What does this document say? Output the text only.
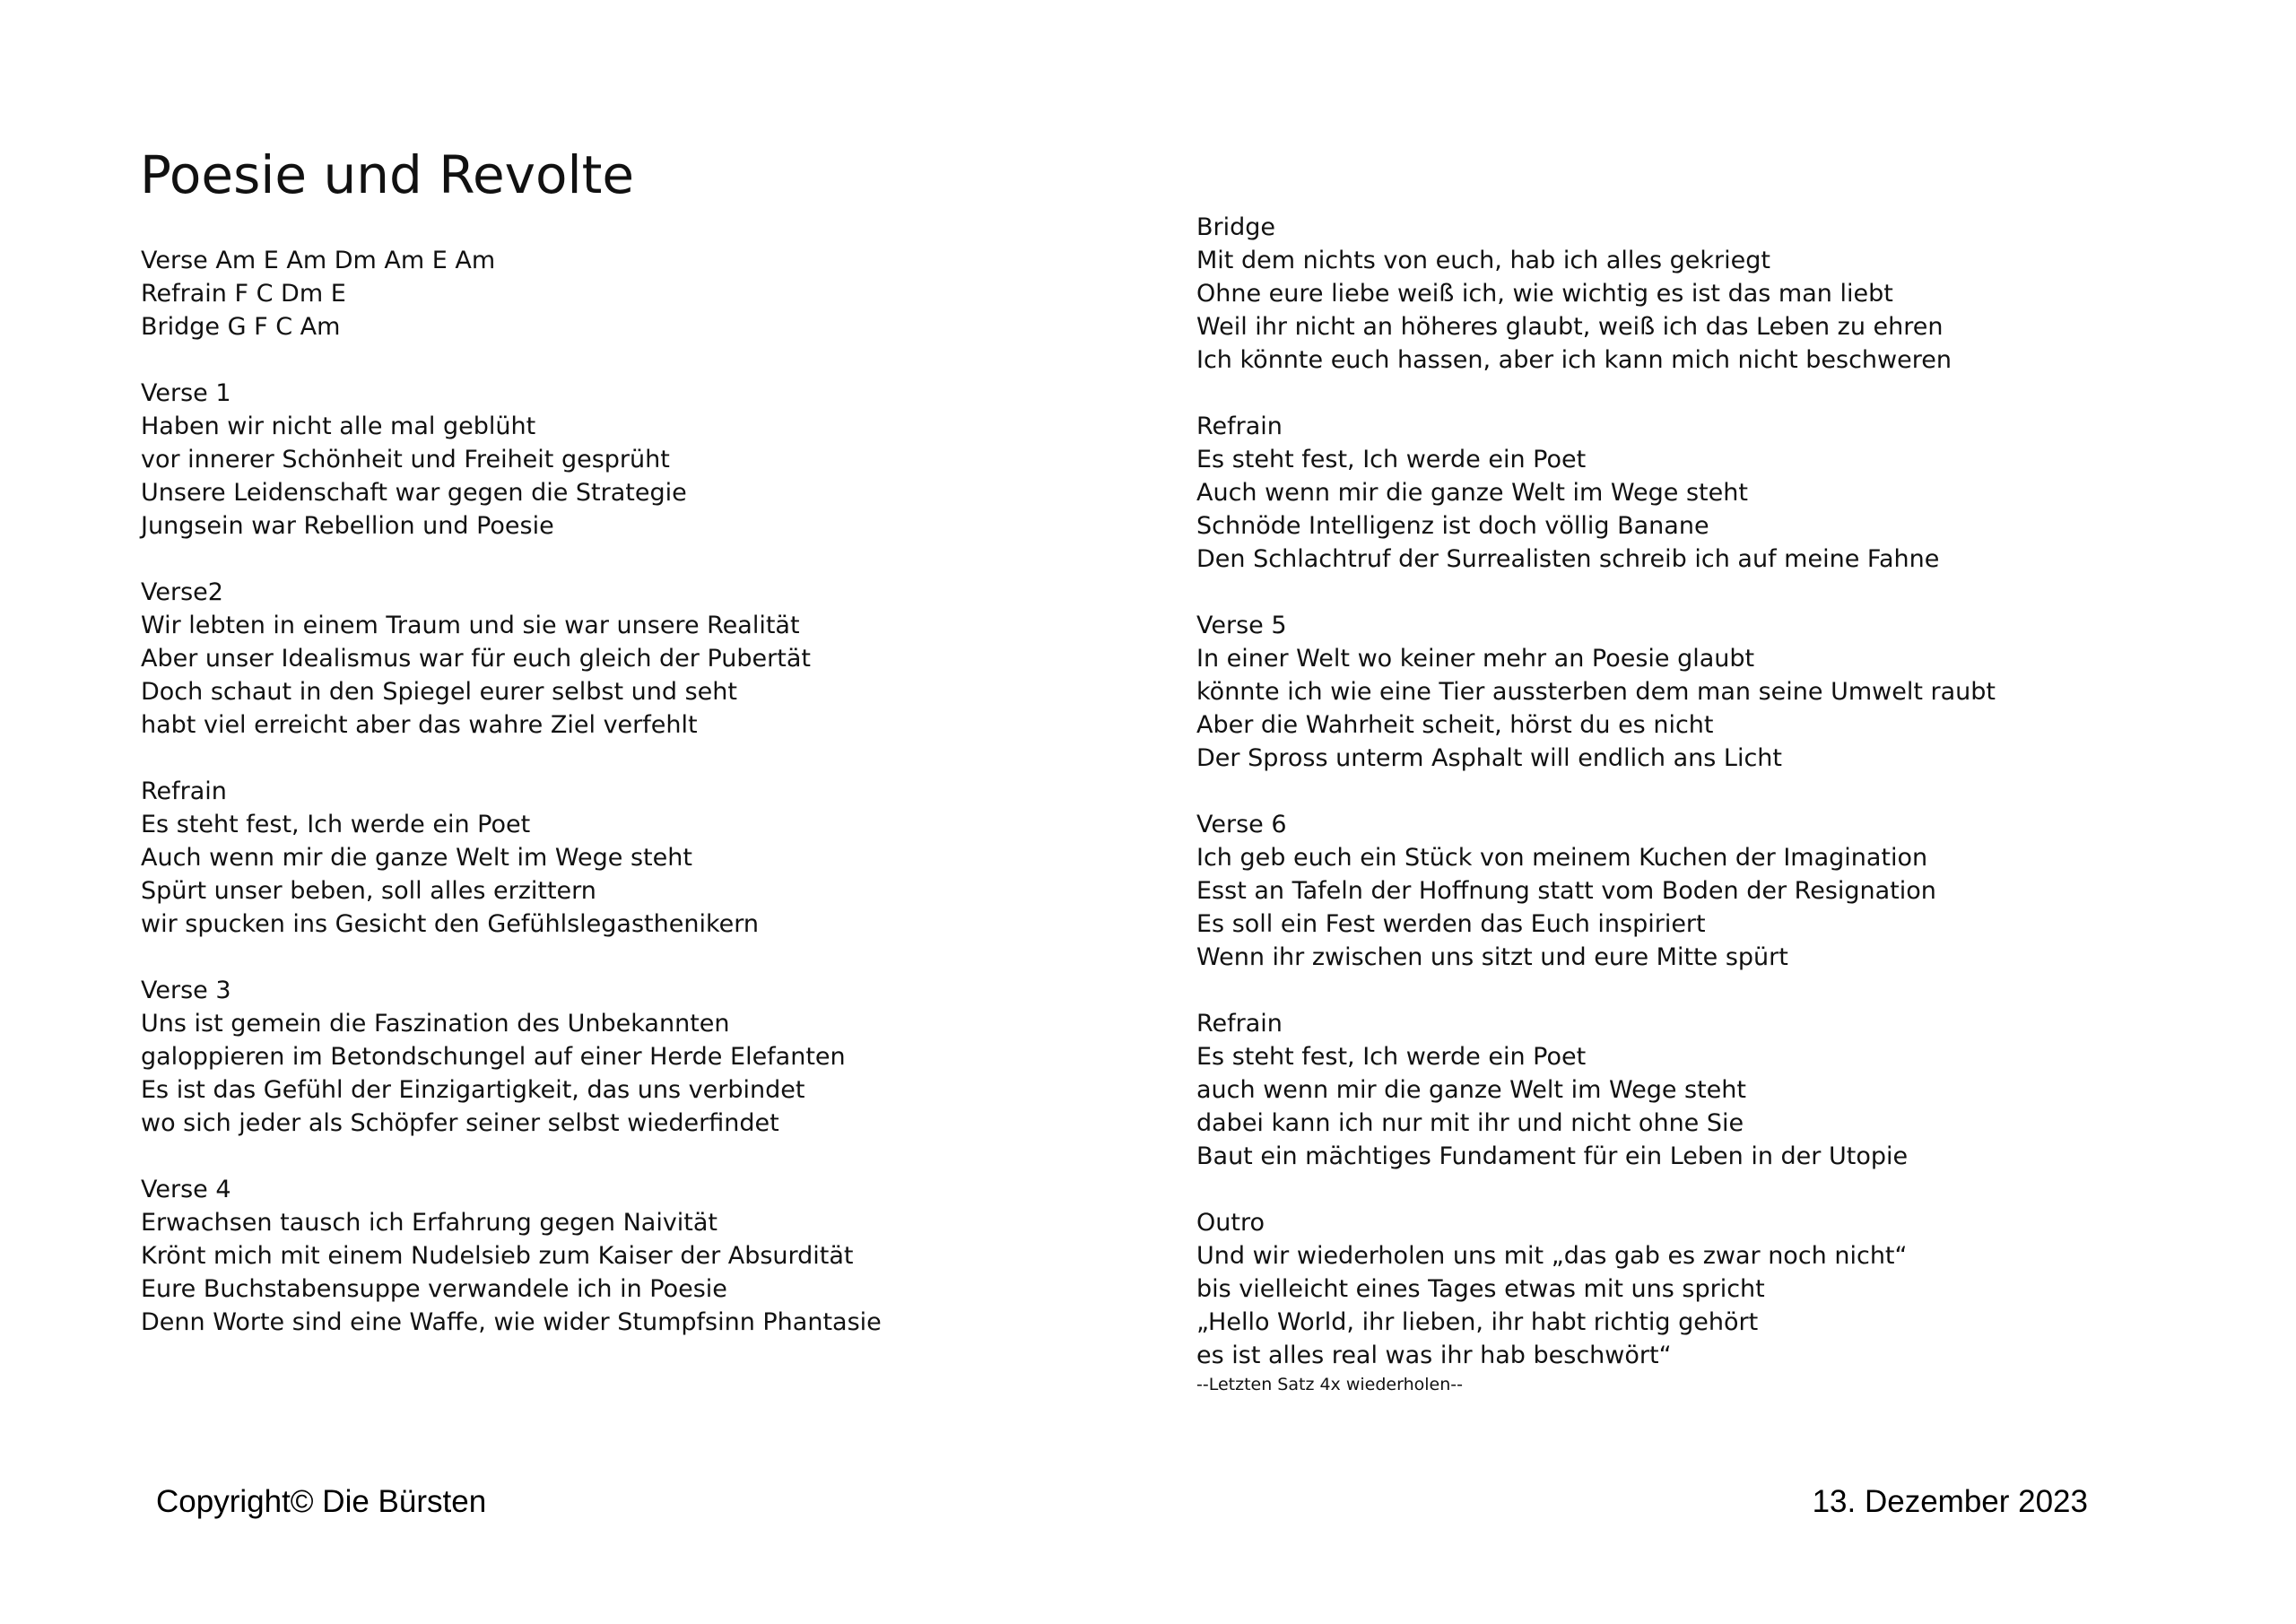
Poesie und Revolte
Verse Am E Am Dm Am E Am
Refrain F C Dm E
Bridge G F C Am
Verse 1
Haben wir nicht alle mal geblüht
vor innerer Schönheit und Freiheit gesprüht
Unsere Leidenschaft war gegen die Strategie
Jungsein war Rebellion und Poesie
Verse2
Wir lebten in einem Traum und sie war unsere Realität
Aber unser Idealismus war für euch gleich der Pubertät
Doch schaut in den Spiegel eurer selbst und seht
habt viel erreicht aber das wahre Ziel verfehlt
Refrain
Es steht fest, Ich werde ein Poet
Auch wenn mir die ganze Welt im Wege steht
Spürt unser beben, soll alles erzittern
wir spucken ins Gesicht den Gefühlslegasthenikern
Verse 3
Uns ist gemein die Faszination des Unbekannten
galoppieren im Betondschungel auf einer Herde Elefanten
Es ist das Gefühl der Einzigartigkeit, das uns verbindet
wo sich jeder als Schöpfer seiner selbst wiederfindet
Verse 4
Erwachsen tausch ich Erfahrung gegen Naivität
Krönt mich mit einem Nudelsieb zum Kaiser der Absurdität
Eure Buchstabensuppe verwandele ich in Poesie
Denn Worte sind eine Waffe, wie wider Stumpfsinn Phantasie
Bridge
Mit dem nichts von euch, hab ich alles gekriegt
Ohne eure liebe weiß ich, wie wichtig es ist das man liebt
Weil ihr nicht an höheres glaubt, weiß ich das Leben zu ehren
Ich könnte euch hassen, aber ich kann mich nicht beschweren
Refrain
Es steht fest, Ich werde ein Poet
Auch wenn mir die ganze Welt im Wege steht
Schnöde Intelligenz ist doch völlig Banane
Den Schlachtruf der Surrealisten schreib ich auf meine Fahne
Verse 5
In einer Welt wo keiner mehr an Poesie glaubt
könnte ich wie eine Tier aussterben dem man seine Umwelt raubt
Aber die Wahrheit scheit, hörst du es nicht
Der Spross unterm Asphalt will endlich ans Licht
Verse 6
Ich geb euch ein Stück von meinem Kuchen der Imagination
Esst an Tafeln der Hoffnung statt vom Boden der Resignation
Es soll ein Fest werden das Euch inspiriert
Wenn ihr zwischen uns sitzt und eure Mitte spürt
Refrain
Es steht fest, Ich werde ein Poet
auch wenn mir die ganze Welt im Wege steht
dabei kann ich nur mit ihr und nicht ohne Sie
Baut ein mächtiges Fundament für ein Leben in der Utopie
Outro
Und wir wiederholen uns mit „das gab es zwar noch nicht“
bis vielleicht eines Tages etwas mit uns spricht
„Hello World, ihr lieben, ihr habt richtig gehört
es ist alles real was ihr hab beschwört“
--Letzten Satz 4x wiederholen--
Copyright© Die Bürsten	13. Dezember 2023
